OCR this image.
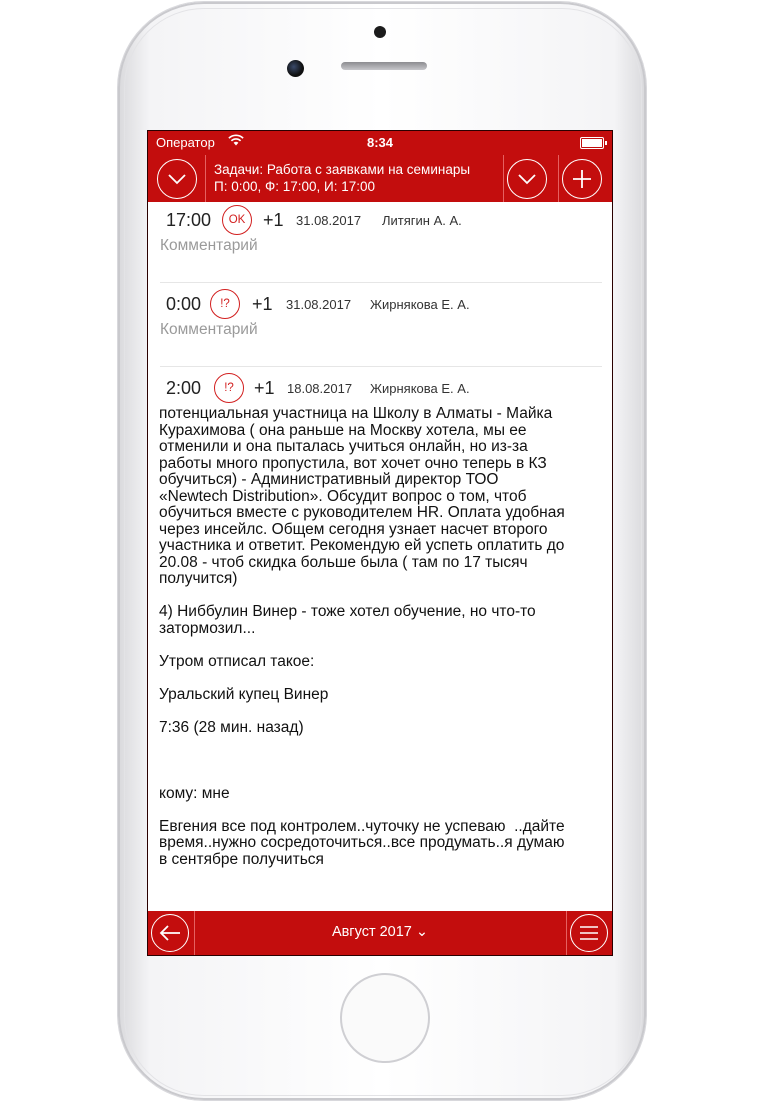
Оператор	8:34
Задачи: Работа с заявками на семинары
П: 0:00, Ф: 17:00, И: 17:00
17:00	OK +1 31.08.2017 Литягин А. А.
Комментарий
0:00	!?	+1 31.08.2017 Жирнякова Е. А.
Комментарий
2:00	!?	+1 18.08.2017 Жирнякова Е. А.
потенциальная участница на Школу в Алматы - Майка Курахимова ( она раньше на Москву хотела, мы ее отменили и она пыталась учиться онлайн, но из-за работы много пропустила, вот хочет очно теперь в КЗ обучиться) - Административный директор ТОО «Newtech Distribution». Обсудит вопрос о том, чтоб обучиться вместе с руководителем HR. Оплата удобная через инсейлс. Общем сегодня узнает насчет второго участника и ответит. Рекомендую ей успеть оплатить до 20.08 - чтоб скидка больше была ( там по 17 тысяч получится)

4) Ниббулин Винер - тоже хотел обучение, но что-то затормозил...

Утром отписал такое:

Уральский купец Винер

7:36 (28 мин. назад)

кому: мне

Евгения все под контролем..чуточку не успеваю  ..дайте время..нужно сосредоточиться..все продумать..я думаю в сентябре получиться
Август 2017 ⌄
